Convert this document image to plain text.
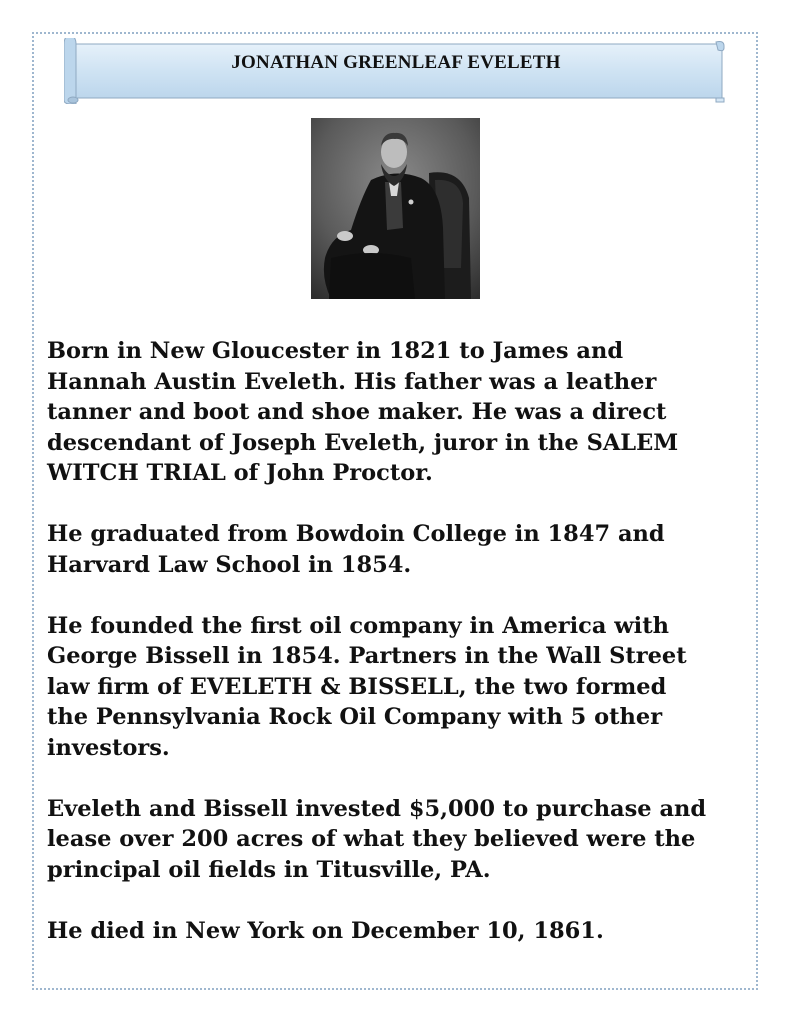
JONATHAN GREENLEAF EVELETH

Born in New Gloucester in 1821 to James and
Hannah Austin Eveleth. His father was a leather
tanner and boot and shoe maker. He was a direct
descendant of Joseph Eveleth, juror in the SALEM
WITCH TRIAL of John Proctor.

He graduated from Bowdoin College in 1847 and
Harvard Law School in 1854.

He founded the first oil company in America with
George Bissell in 1854. Partners in the Wall Street
law firm of EVELETH & BISSELL, the two formed
the Pennsylvania Rock Oil Company with 5 other
investors.

Eveleth and Bissell invested $5,000 to purchase and
lease over 200 acres of what they believed were the
principal oil fields in Titusville, PA.

He died in New York on December 10, 1861.
